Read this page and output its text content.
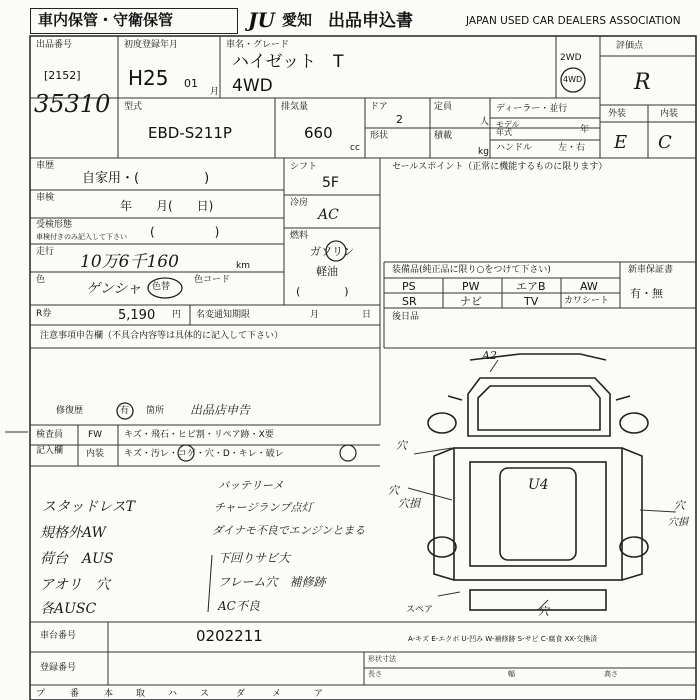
車内保管・守衛保管	JU 愛知 出品申込書	JAPAN USED CAR DEALERS ASSOCIATION
出品番号
[2152]
35310
初度登録年月
H25 01
月
車名・グレード
ハイゼット　T
4WD
2WD
4WD
評価点
R
外装	内装
E C
型式
EBD-S211P
排気量
660
cc
ドア
2
形状
定員
人
積載
kg
ディーラー・並行
モデル
年式	年
ハンドル	左・右
車歴
自家用・(　　　　　)
車検
年　　月(　　日)
受検形態
車検付きのみ記入して下さい (　　　　　)
走行 10万6千160	km
色
ゲンシャ 色替
色コード
シフト
5F
冷房
AC
燃料
ガソリン
軽油
(　　　　)
セールスポイント（正常に機能するものに限ります）
装備品(純正品に限り○をつけて下さい)
PS	PW	エアB	AW
SR	ナビ	TV	カワシート
新車保証書
有・無
後日品
R券	5,190 円 名変通知期限	月	日
注意事項申告欄（不具合内容等は具体的に記入して下さい）
修復歴	有 箇所 出品店申告
検査員
記入欄
FW キズ・飛石・ヒビ割・リペア跡・X要
内装 キズ・汚レ・コゲ・穴・D・キレ・破レ
スタッドレスT
規格外AW
荷台　AUS
アオリ　穴
各AUSC
バッテリーメ
チャージランプ点灯
ダイナモ不良でエンジンとまる
下回りサビ大
フレーム穴　補修跡
AC不良
A2
U4
穴
穴
穴損	穴
穴損
スペア	穴
A-キズ E-エクボ U-凹み W-補修跡 S-サビ C-腐食 XX-交換済
車台番号	0202211
登録番号
形状寸法
長さ	幅	高さ
プ	番	本	取	ハ	ス	ダ	メ	ア
